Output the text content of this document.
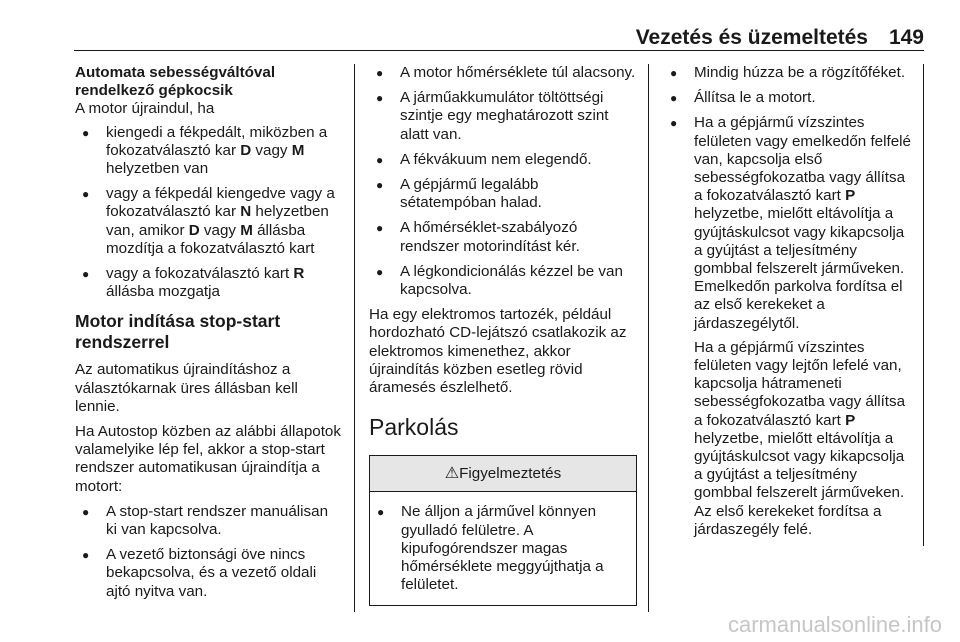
Vezetés és üzemeltetés 149

Automata sebességváltóval rendelkező gépkocsik

A motor újraindul, ha

● kiengedi a fékpedált, miközben a fokozatválasztó kar D vagy M helyzetben van
● vagy a fékpedál kiengedve vagy a fokozatválasztó kar N helyzetben van, amikor D vagy M állásba mozdítja a fokozatválasztó kart
● vagy a fokozatválasztó kart R állásba mozgatja

Motor indítása stop-start rendszerrel

Az automatikus újraindításhoz a választókarnak üres állásban kell lennie.

Ha Autostop közben az alábbi állapotok valamelyike lép fel, akkor a stop-start rendszer automatikusan újraindítja a motort:

● A stop-start rendszer manuálisan ki van kapcsolva.
● A vezető biztonsági öve nincs bekapcsolva, és a vezető oldali ajtó nyitva van.
● A motor hőmérséklete túl alacsony.
● A járműakkumulátor töltöttségi szintje egy meghatározott szint alatt van.
● A fékvákuum nem elegendő.
● A gépjármű legalább sétatempóban halad.
● A hőmérséklet-szabályozó rendszer motorindítást kér.
● A légkondicionálás kézzel be van kapcsolva.

Ha egy elektromos tartozék, például hordozható CD-lejátszó csatlakozik az elektromos kimenethez, akkor újraindítás közben esetleg rövid áramesés észlelhető.

Parkolás

⚠Figyelmeztetés
● Ne álljon a járművel könnyen gyulladó felületre. A kipufogórendszer magas hőmérséklete meggyújthatja a felületet.
● Mindig húzza be a rögzítőféket.
● Állítsa le a motort.
● Ha a gépjármű vízszintes felületen vagy emelkedőn felfelé van, kapcsolja első sebességfokozatba vagy állítsa a fokozatválasztó kart P helyzetbe, mielőtt eltávolítja a gyújtáskulcsot vagy kikapcsolja a gyújtást a teljesítmény gombbal felszerelt járműveken.
Emelkedőn parkolva fordítsa el az első kerekeket a járdaszegélytől.

Ha a gépjármű vízszintes felületen vagy lejtőn lefelé van, kapcsolja hátrameneti sebességfokozatba vagy állítsa a fokozatválasztó kart P helyzetbe, mielőtt eltávolítja a gyújtáskulcsot vagy kikapcsolja a gyújtást a teljesítmény gombbal felszerelt járműveken. Az első kerekeket fordítsa a járdaszegély felé.

carmanualsonline.info
